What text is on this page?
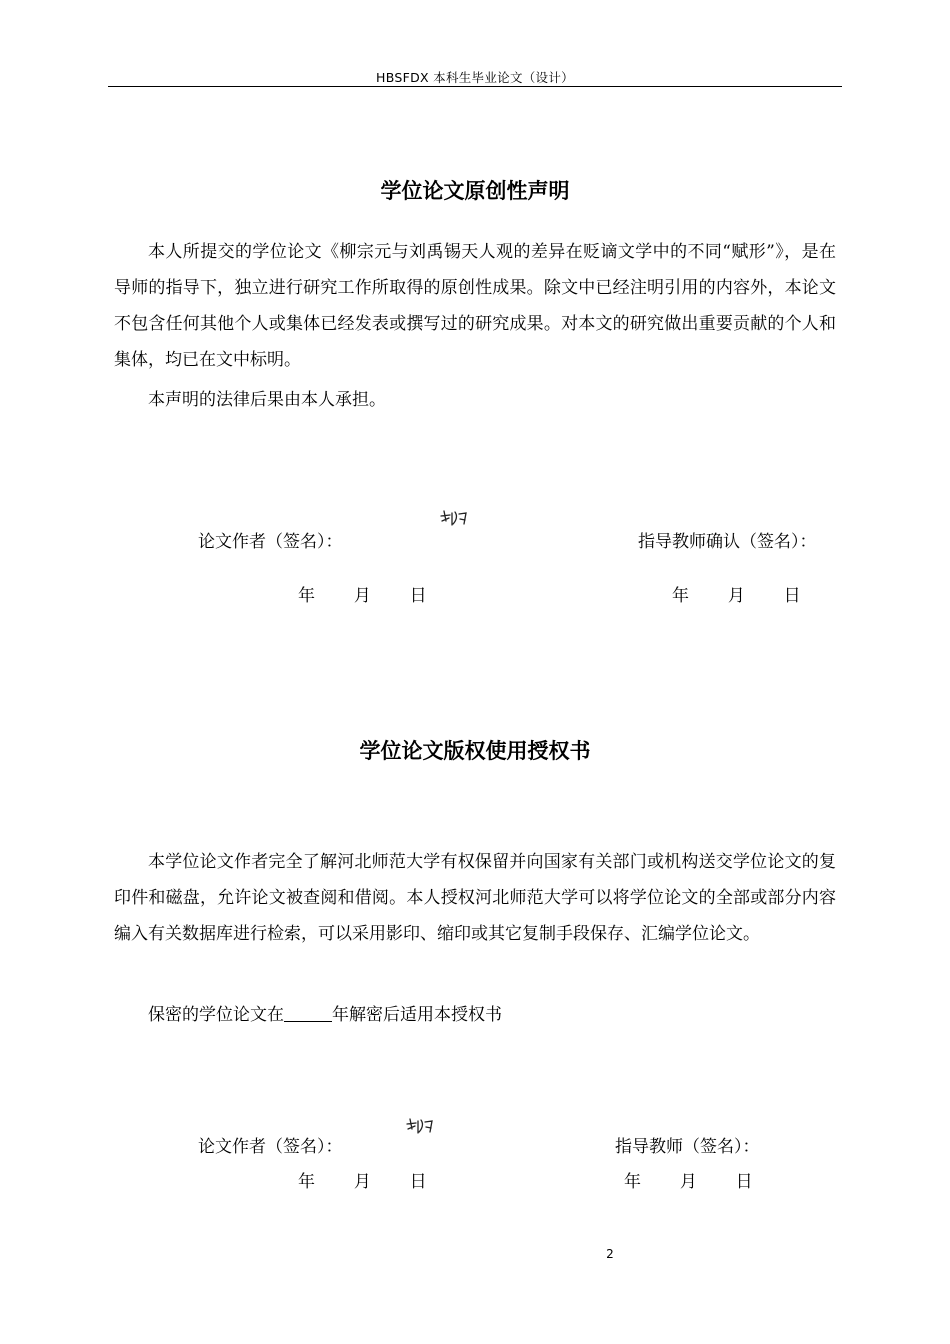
HBSFDX 本科生毕业论文（设计）
学位论文原创性声明

本人所提交的学位论文《柳宗元与刘禹锡天人观的差异在贬谪文学中的不同“赋形”》，是在导师的指导下，独立进行研究工作所取得的原创性成果。除文中已经注明引用的内容外，本论文不包含任何其他个人或集体已经发表或撰写过的研究成果。对本文的研究做出重要贡献的个人和集体，均已在文中标明。

本声明的法律后果由本人承担。

论文作者（签名）：	指导教师确认（签名）：
年 月 日	年 月 日
学位论文版权使用授权书

本学位论文作者完全了解河北师范大学有权保留并向国家有关部门或机构送交学位论文的复印件和磁盘，允许论文被查阅和借阅。本人授权河北师范大学可以将学位论文的全部或部分内容编入有关数据库进行检索，可以采用影印、缩印或其它复制手段保存、汇编学位论文。

保密的学位论文在	年解密后适用本授权书
论文作者（签名）：	指导教师（签名）：
年 月 日	年 月 日
2
